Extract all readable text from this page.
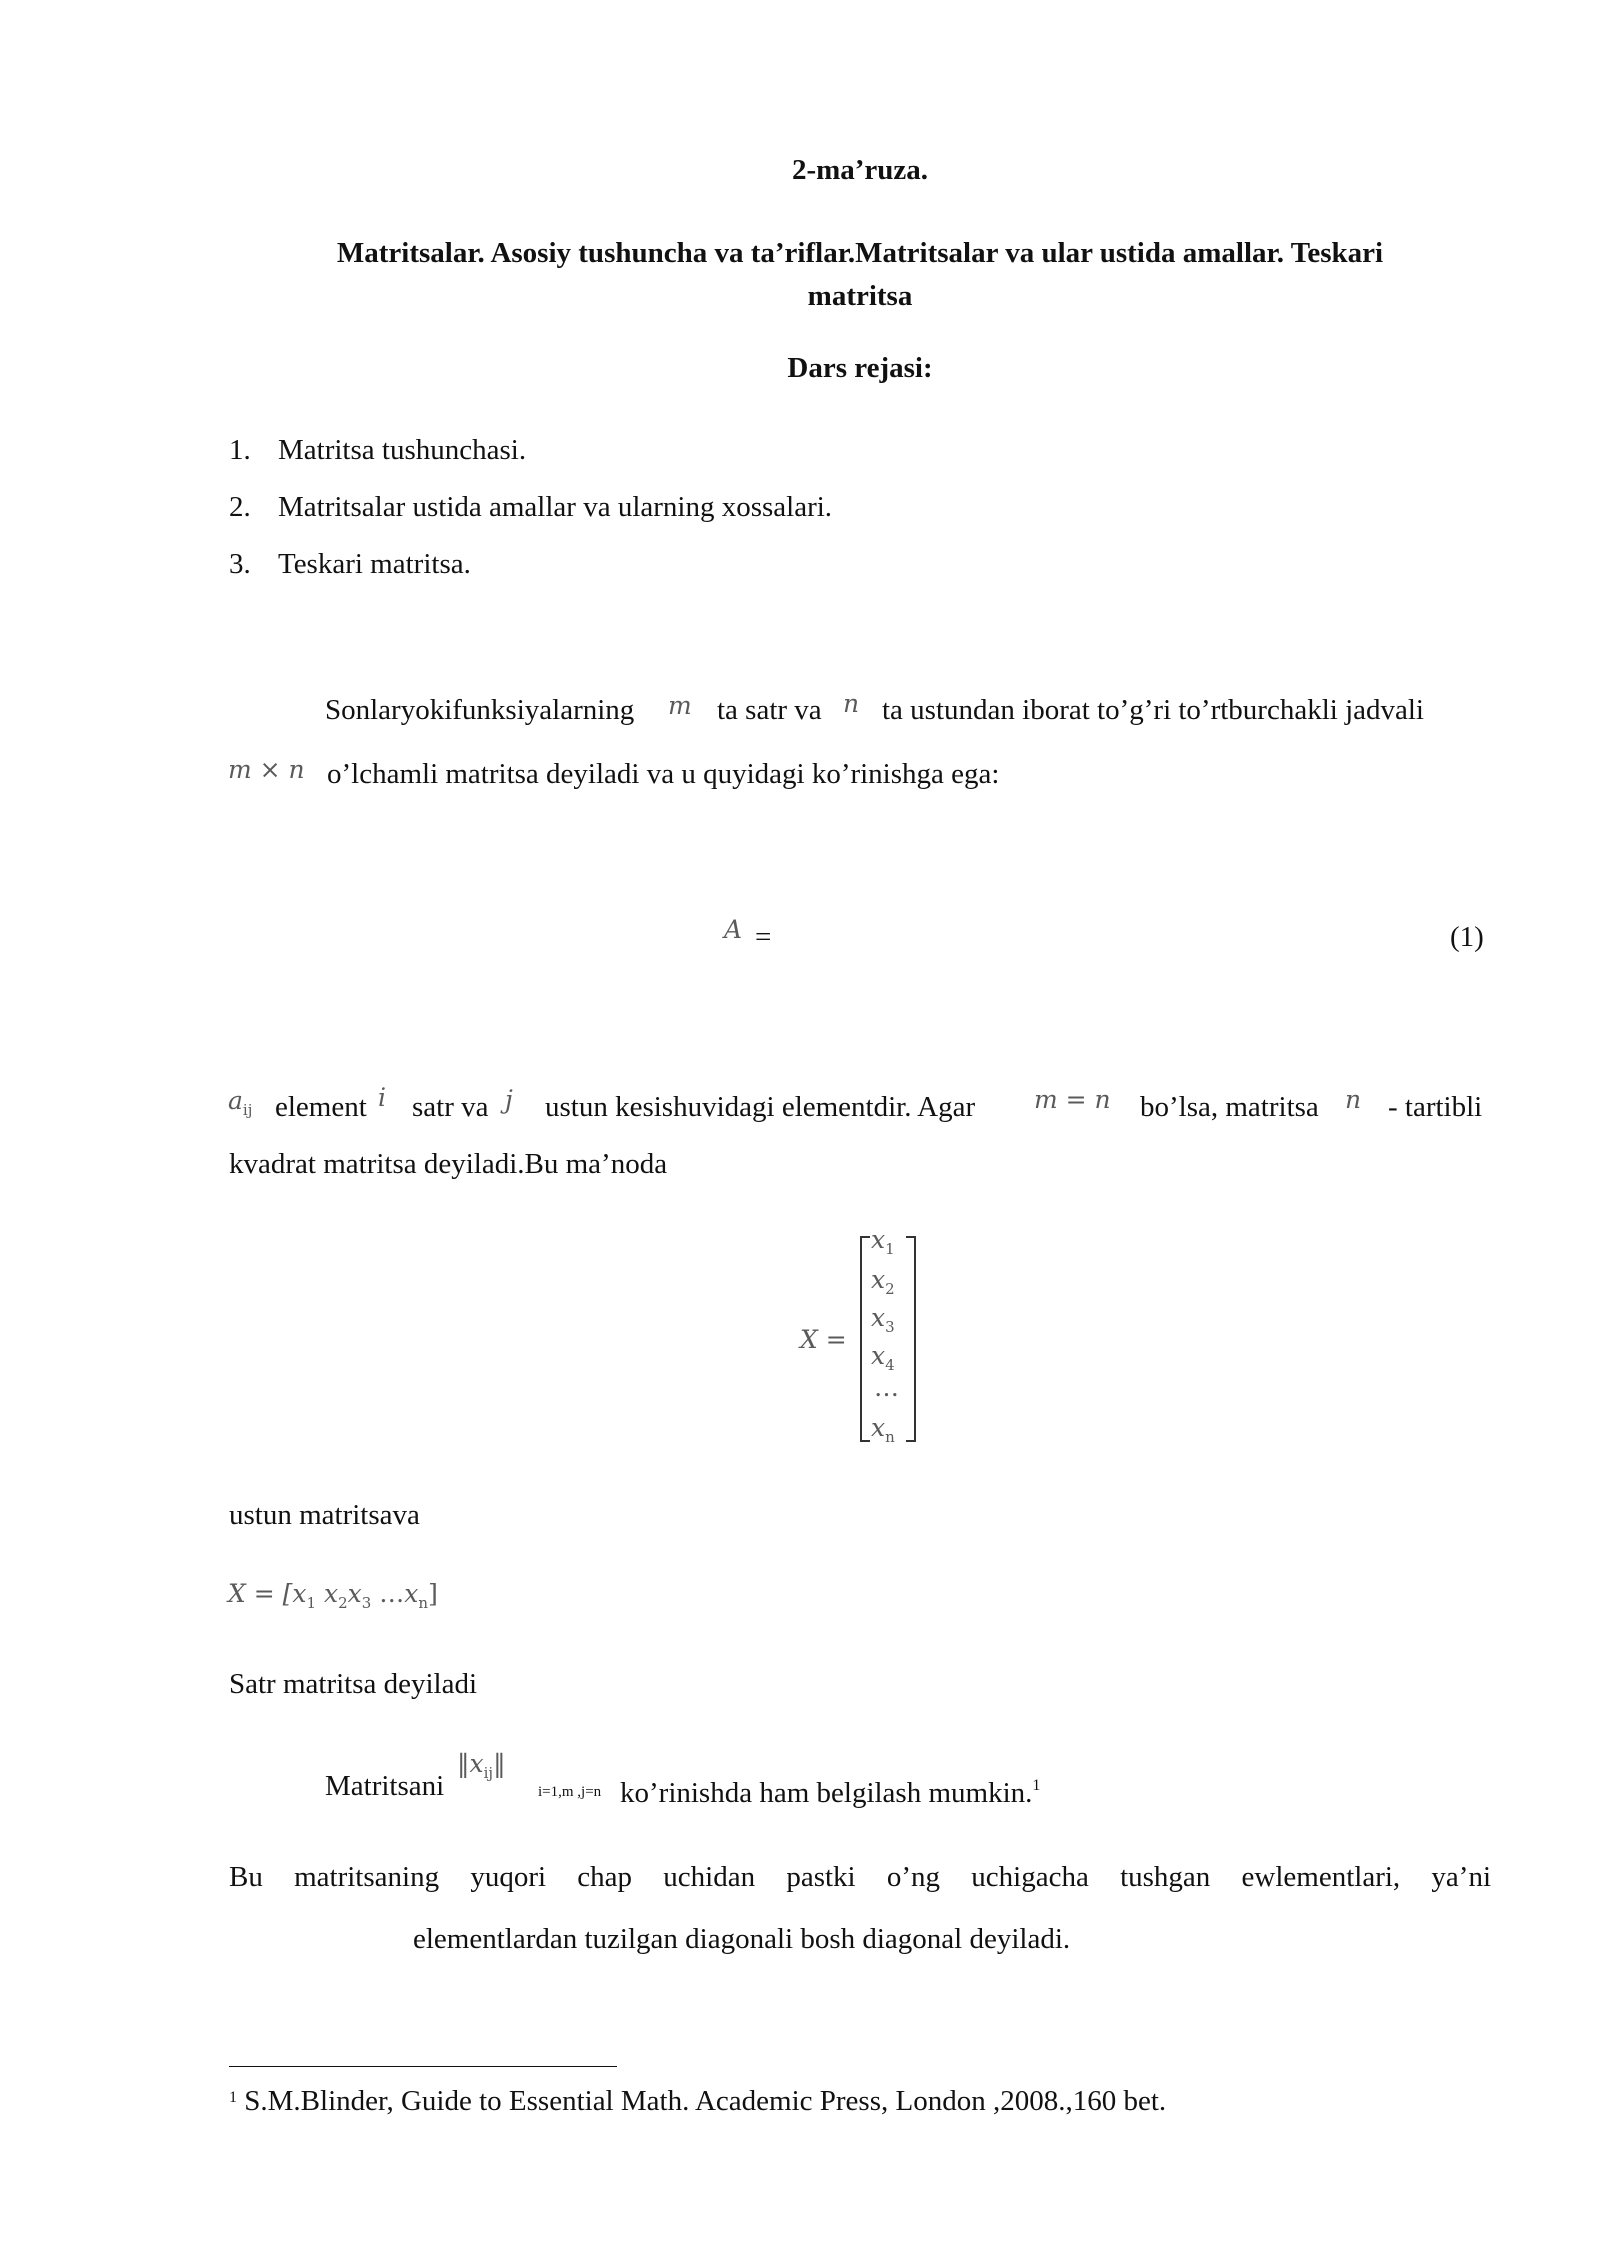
2-ma’ruza.
Matritsalar. Asosiy tushuncha va ta’riflar.Matritsalar va ular ustida amallar. Teskari
matritsa
Dars rejasi:
1. Matritsa tushunchasi.
2. Matritsalar ustida amallar va ularning xossalari.
3. Teskari matritsa.
Sonlaryokifunksiyalarning m ta satr va n ta ustundan iborat to’g’ri to’rtburchakli jadvali
m × n o’lchamli matritsa deyiladi va u quyidagi ko’rinishga ega:
A =	(1)
$a_{ij}$ element i satr va j ustun kesishuvidagi elementdir. Agar m = n bo’lsa, matritsa n - tartibli
kvadrat matritsa deyiladi.Bu ma’noda
X =
$x_1$
$x_2$
$x_3$
$x_4$
…
$x_n$
ustun matritsava
$X = [x_1$ $x_2x_3$ $\dots x_n$]
Satr matritsa deyiladi
Matritsani
$‖x_{ij}‖$
i=1,m ,j=n ko’rinishda ham belgilash mumkin.$^1$
Bu matritsaning yuqori chap uchidan pastki o’ng uchigacha tushgan ewlementlari, ya’ni
elementlardan tuzilgan diagonali bosh diagonal deyiladi.
$^1$ S.M.Blinder, Guide to Essential Math. Academic Press, London ,2008.,160 bet.
